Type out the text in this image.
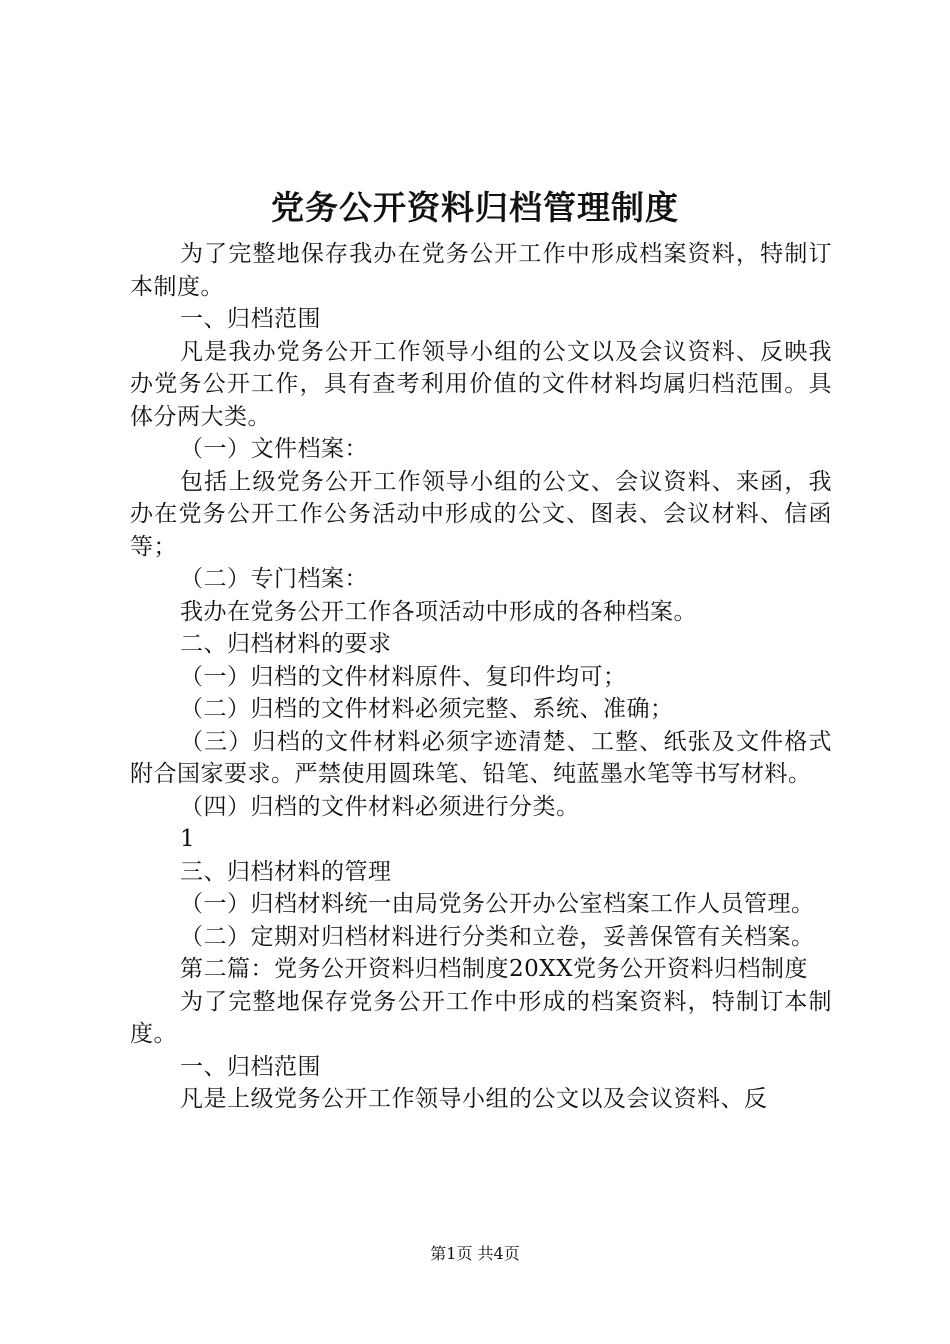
党务公开资料归档管理制度

为了完整地保存我办在党务公开工作中形成档案资料，特制订本制度。

一、归档范围

凡是我办党务公开工作领导小组的公文以及会议资料、反映我办党务公开工作，具有查考利用价值的文件材料均属归档范围。具体分两大类。

（一）文件档案：

包括上级党务公开工作领导小组的公文、会议资料、来函，我办在党务公开工作公务活动中形成的公文、图表、会议材料、信函等；

（二）专门档案：

我办在党务公开工作各项活动中形成的各种档案。

二、归档材料的要求

（一）归档的文件材料原件、复印件均可；

（二）归档的文件材料必须完整、系统、准确；

（三）归档的文件材料必须字迹清楚、工整、纸张及文件格式附合国家要求。严禁使用圆珠笔、铅笔、纯蓝墨水笔等书写材料。

（四）归档的文件材料必须进行分类。

1

三、归档材料的管理

（一）归档材料统一由局党务公开办公室档案工作人员管理。

（二）定期对归档材料进行分类和立卷，妥善保管有关档案。

第二篇：党务公开资料归档制度20XX党务公开资料归档制度

为了完整地保存党务公开工作中形成的档案资料，特制订本制度。

一、归档范围

凡是上级党务公开工作领导小组的公文以及会议资料、反

第1页 共4页
